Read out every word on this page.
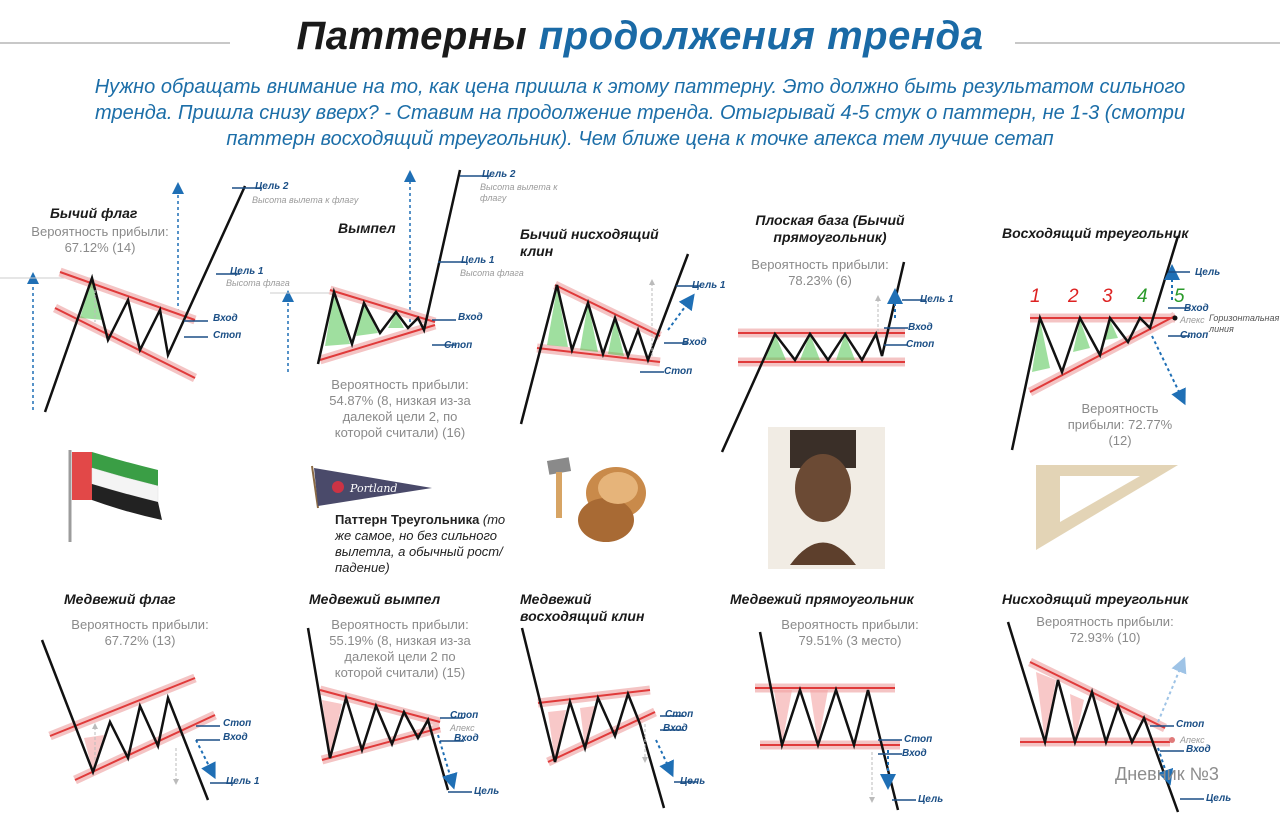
Паттерны продолжения тренда
Нужно обращать внимание на то, как цена пришла к этому паттерну. Это должно быть результатом сильного тренда. Пришла снизу вверх? - Ставим на продолжение тренда. Отыгрывай 4-5 стук о паттерн, не 1-3 (смотри паттерн восходящий треугольник). Чем ближе цена к точке апекса тем лучше сетап
Portland
Бычий флаг
Вероятность прибыли: 67.12% (14)
Цель 2
Высота вылета к флагу
Цель 1
Высота флага
Вход
Стоп
Вымпел
Вероятность прибыли: 54.87% (8, низкая из-за далекой цели 2, по которой считали) (16)
Цель 2
Высота вылета к флагу
Цель 1
Высота флага
Вход
Стоп
Бычий нисходящий клин
Цель 1
Вход
Стоп
Плоская база (Бычий прямоугольник)
Вероятность прибыли: 78.23% (6)
Цель 1
Вход
Стоп
Восходящий треугольник
1 2 3 4 5
Цель
Вход
Апекс Горизонтальная линия
Стоп
Вероятность прибыли: 72.77% (12)
Паттерн Треугольника (то же самое, но без сильного вылетла, а обычный рост/падение)
Медвежий флаг
Вероятность прибыли: 67.72% (13)
Стоп
Вход
Цель 1
Медвежий вымпел
Вероятность прибыли: 55.19% (8, низкая из-за далекой цели 2 по которой считали) (15)
Стоп
Апекс
Вход
Цель
Медвежий восходящий клин
Стоп
Вход
Цель
Медвежий прямоугольник
Вероятность прибыли: 79.51% (3 место)
Стоп
Вход
Цель
Нисходящий треугольник
Вероятность прибыли: 72.93% (10)
Стоп
Апекс
Вход
Цель
Дневник №3
